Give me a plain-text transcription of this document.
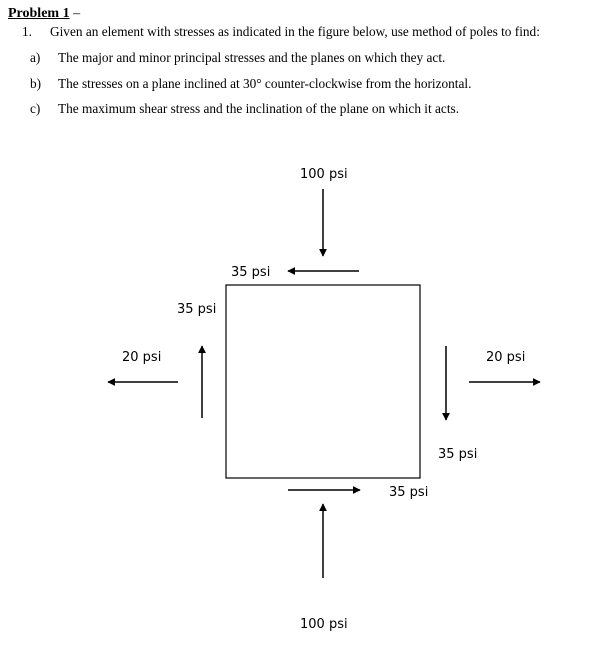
Problem 1 –
1. Given an element with stresses as indicated in the figure below, use method of poles to find:
a) The major and minor principal stresses and the planes on which they act.
b) The stresses on a plane inclined at 30° counter-clockwise from the horizontal.
c) The maximum shear stress and the inclination of the plane on which it acts.
100 psi
100 psi
20 psi	20 psi
35 psi
35 psi
35 psi
35 psi
